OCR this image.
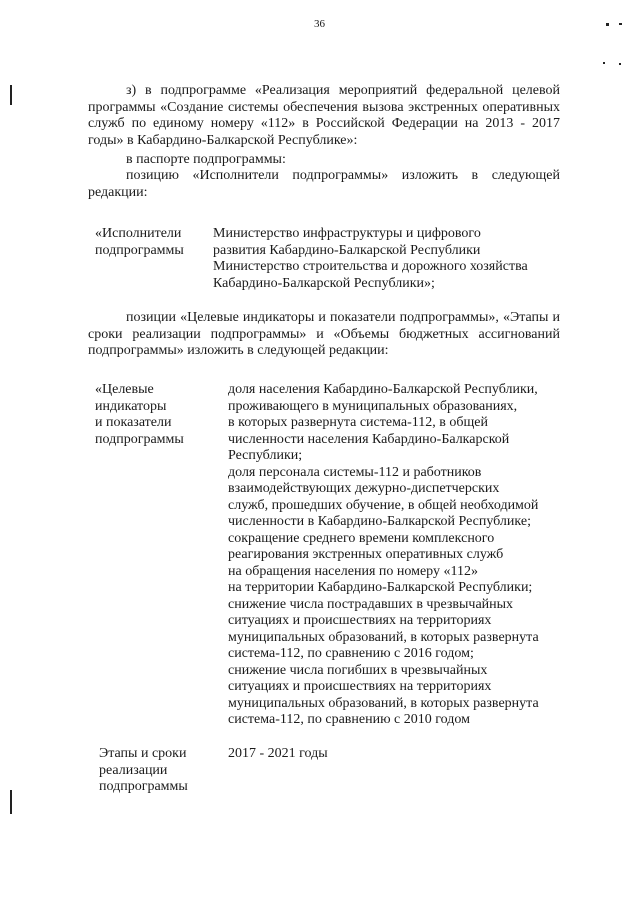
36
з) в подпрограмме «Реализация мероприятий федеральной целевой программы «Создание системы обеспечения вызова экстренных оперативных служб по единому номеру «112» в Российской Федерации на 2013 - 2017 годы» в Кабардино-Балкарской Республике»:
в паспорте подпрограммы:
позицию «Исполнители подпрограммы» изложить в следующей редакции:
«Исполнители
подпрограммы
Министерство инфраструктуры и цифрового
развития Кабардино-Балкарской Республики
Министерство строительства и дорожного хозяйства
Кабардино-Балкарской Республики»;
позиции «Целевые индикаторы и показатели подпрограммы», «Этапы и сроки реализации подпрограммы» и «Объемы бюджетных ассигнований подпрограммы» изложить в следующей редакции:
«Целевые
индикаторы
и показатели
подпрограммы
доля населения Кабардино-Балкарской Республики,
проживающего в муниципальных образованиях,
в которых развернута система-112, в общей
численности населения Кабардино-Балкарской
Республики;
доля персонала системы-112 и работников
взаимодействующих дежурно-диспетчерских
служб, прошедших обучение, в общей необходимой
численности в Кабардино-Балкарской Республике;
сокращение среднего времени комплексного
реагирования экстренных оперативных служб
на обращения населения по номеру «112»
на территории Кабардино-Балкарской Республики;
снижение числа пострадавших в чрезвычайных
ситуациях и происшествиях на территориях
муниципальных образований, в которых развернута
система-112, по сравнению с 2016 годом;
снижение числа погибших в чрезвычайных
ситуациях и происшествиях на территориях
муниципальных образований, в которых развернута
система-112, по сравнению с 2010 годом
Этапы и сроки
реализации
подпрограммы
2017 - 2021 годы
